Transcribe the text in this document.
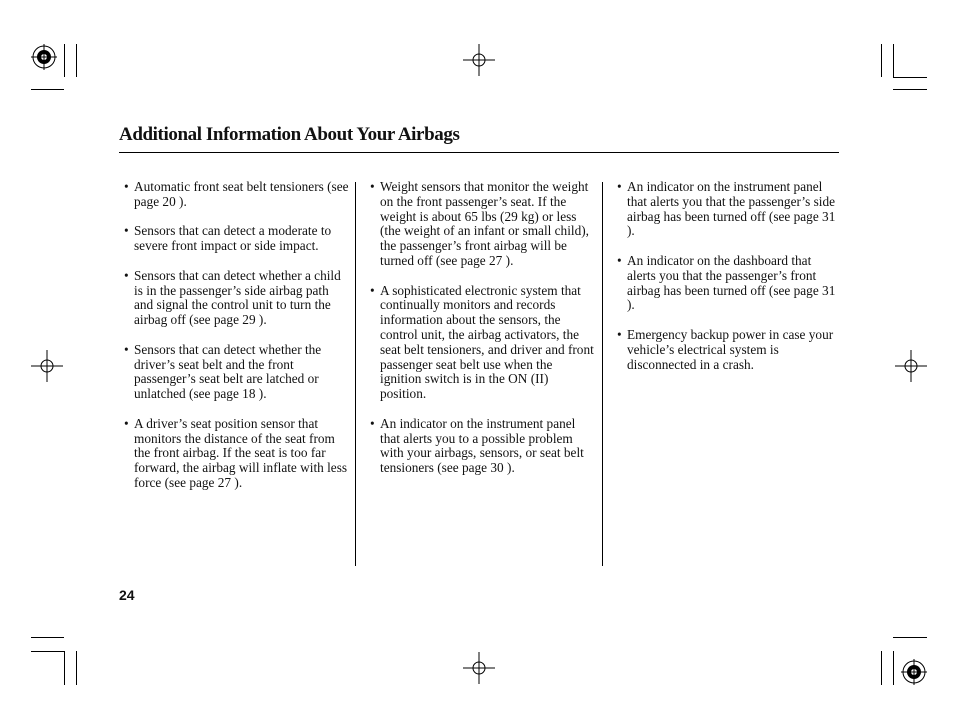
Additional Information About Your Airbags
• Automatic front seat belt tensioners (see page 20 ).
• Sensors that can detect a moderate to severe front impact or side impact.
• Sensors that can detect whether a child is in the passenger’s side airbag path and signal the control unit to turn the airbag off (see page 29 ).
• Sensors that can detect whether the driver’s seat belt and the front passenger’s seat belt are latched or unlatched (see page 18 ).
• A driver’s seat position sensor that monitors the distance of the seat from the front airbag. If the seat is too far forward, the airbag will inflate with less force (see page 27 ).
• Weight sensors that monitor the weight on the front passenger’s seat. If the weight is about 65 lbs (29 kg) or less (the weight of an infant or small child), the passenger’s front airbag will be turned off (see page 27 ).
• A sophisticated electronic system that continually monitors and records information about the sensors, the control unit, the airbag activators, the seat belt tensioners, and driver and front passenger seat belt use when the ignition switch is in the ON (II) position.
• An indicator on the instrument panel that alerts you to a possible problem with your airbags, sensors, or seat belt tensioners (see page 30 ).
• An indicator on the instrument panel that alerts you that the passenger’s side airbag has been turned off (see page 31 ).
• An indicator on the dashboard that alerts you that the passenger’s front airbag has been turned off (see page 31 ).
• Emergency backup power in case your vehicle’s electrical system is disconnected in a crash.
24
